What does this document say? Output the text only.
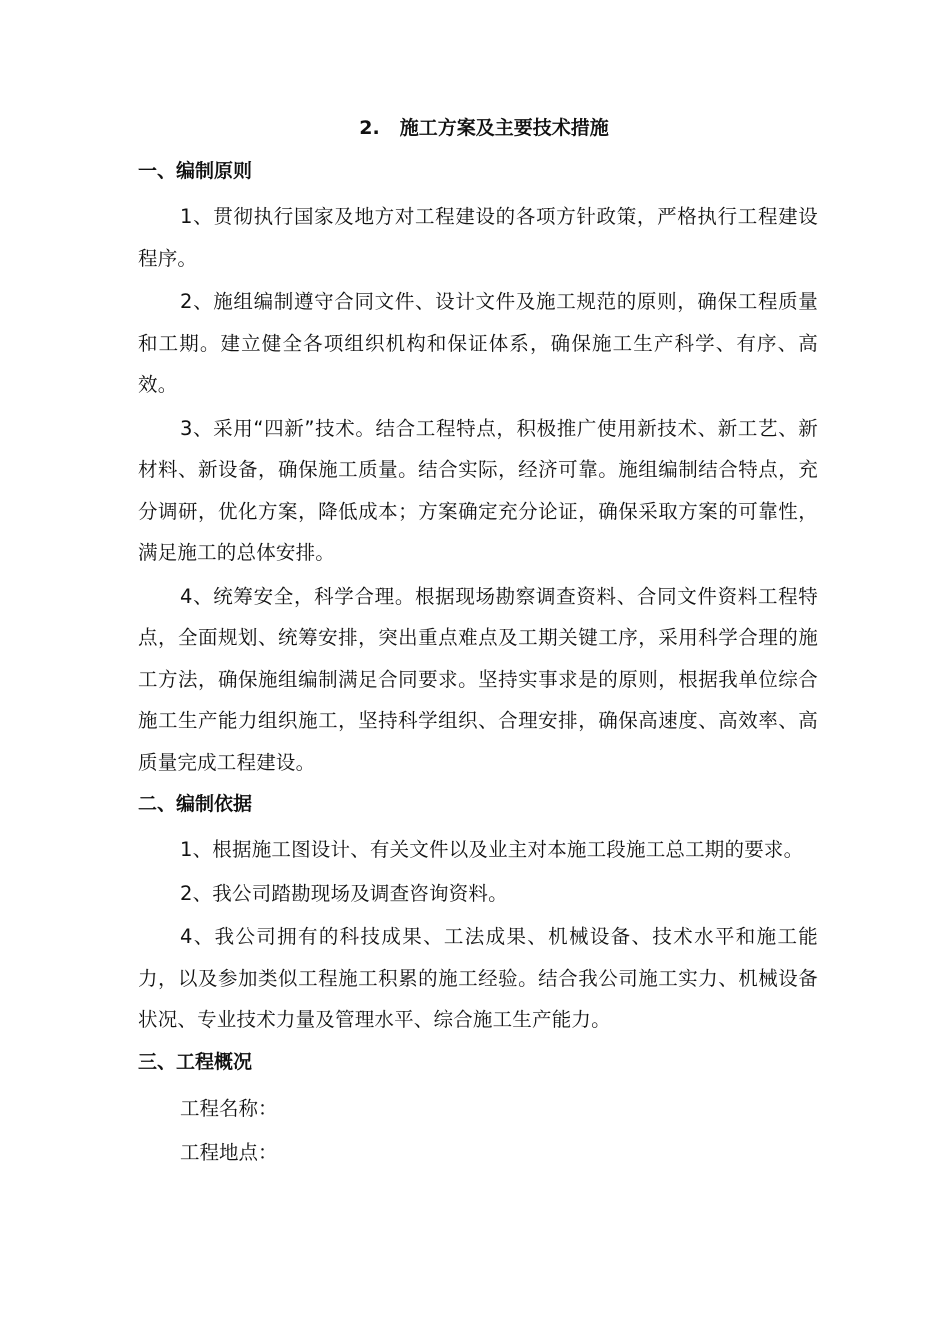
2. 施工方案及主要技术措施
一、编制原则

1、贯彻执行国家及地方对工程建设的各项方针政策，严格执行工程建设程序。

2、施组编制遵守合同文件、设计文件及施工规范的原则，确保工程质量和工期。建立健全各项组织机构和保证体系，确保施工生产科学、有序、高效。

3、采用“四新”技术。结合工程特点，积极推广使用新技术、新工艺、新材料、新设备，确保施工质量。结合实际，经济可靠。施组编制结合特点，充分调研，优化方案，降低成本；方案确定充分论证，确保采取方案的可靠性，满足施工的总体安排。

4、统筹安全，科学合理。根据现场勘察调查资料、合同文件资料工程特点，全面规划、统筹安排，突出重点难点及工期关键工序，采用科学合理的施工方法，确保施组编制满足合同要求。坚持实事求是的原则，根据我单位综合施工生产能力组织施工，坚持科学组织、合理安排，确保高速度、高效率、高质量完成工程建设。

二、编制依据

1、根据施工图设计、有关文件以及业主对本施工段施工总工期的要求。

2、我公司踏勘现场及调查咨询资料。

4、我公司拥有的科技成果、工法成果、机械设备、技术水平和施工能力，以及参加类似工程施工积累的施工经验。结合我公司施工实力、机械设备状况、专业技术力量及管理水平、综合施工生产能力。

三、工程概况

工程名称：

工程地点：
